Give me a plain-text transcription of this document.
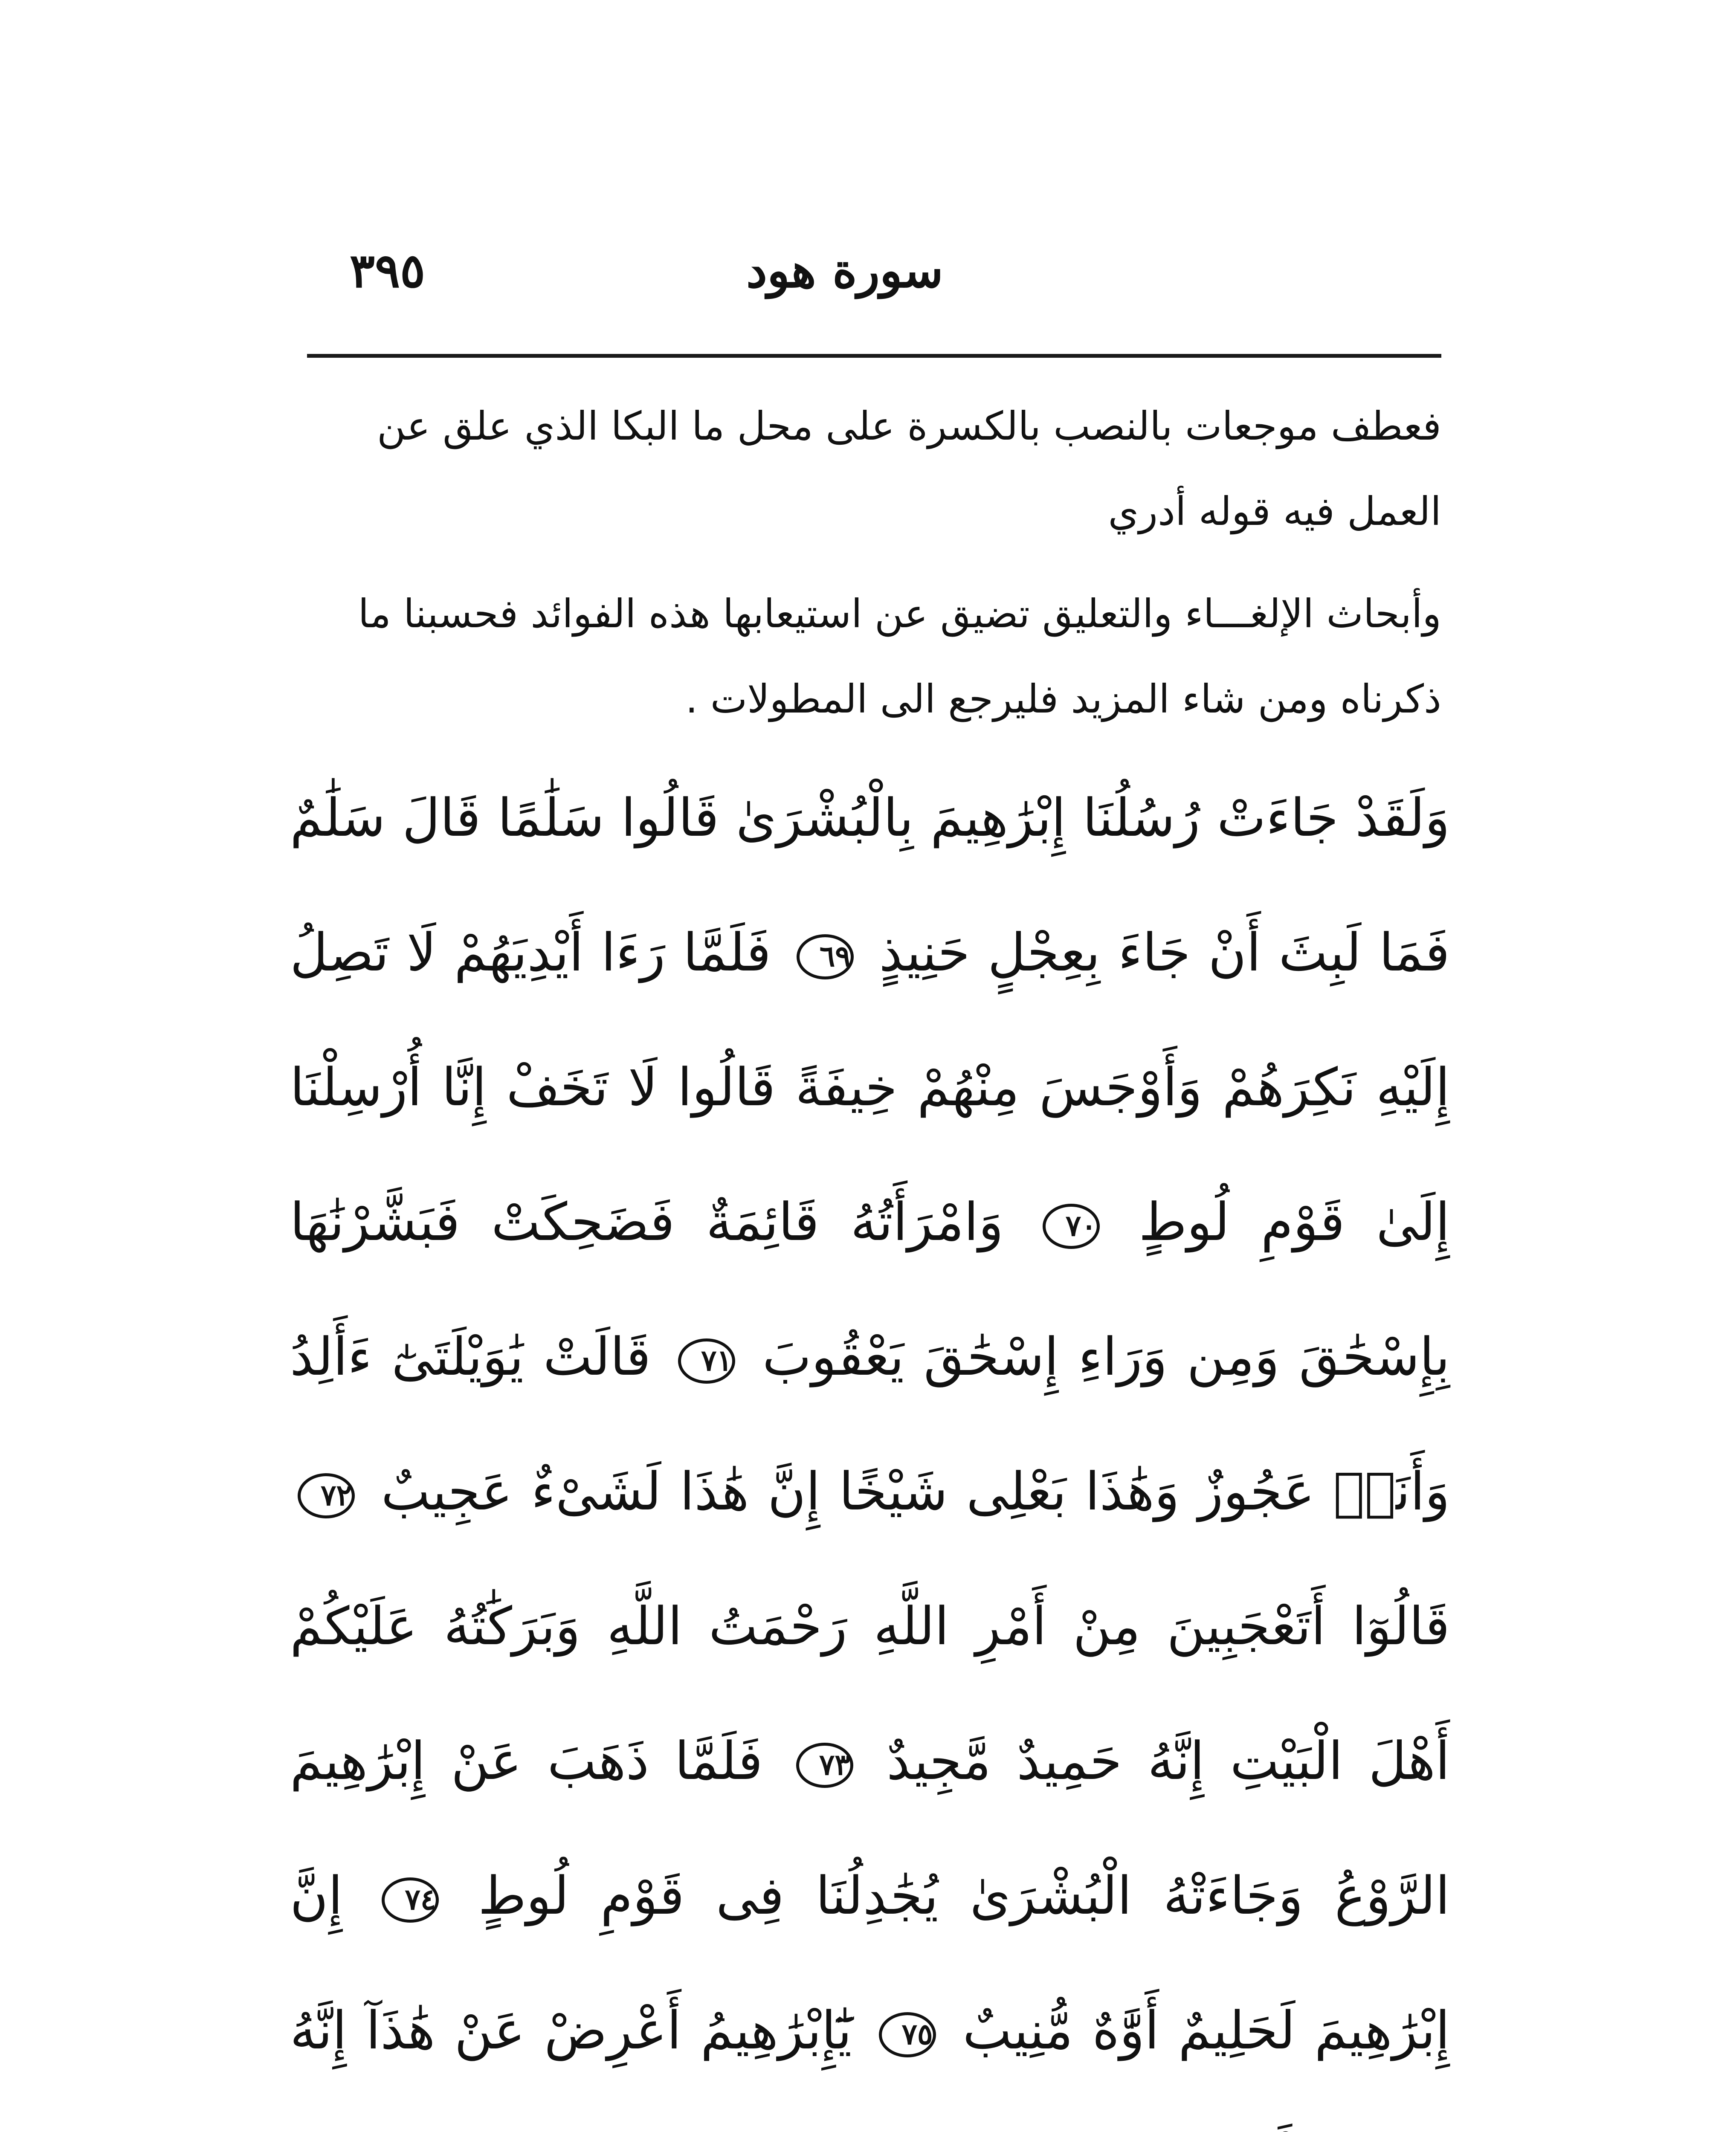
٣٩٥	سورة هود

فعطف موجعات بالنصب بالكسرة على محل ما البكا الذي علق عن العمل فيه قوله أدري

وأبحاث الإلغـــاء والتعليق تضيق عن استيعابها هذه الفوائد فحسبنا ما ذكرناه ومن شاء المزيد فليرجع الى المطولات .

وَلَقَدْ جَاءَتْ رُسُلُنَا إِبْرَٰهِيمَ بِالْبُشْرَىٰ قَالُوا سَلَٰمًا قَالَ سَلَٰمٌ فَمَا لَبِثَ أَنْ جَاءَ بِعِجْلٍ حَنِيذٍ ٦٩ فَلَمَّا رَءَا أَيْدِيَهُمْ لَا تَصِلُ إِلَيْهِ نَكِرَهُمْ وَأَوْجَسَ مِنْهُمْ خِيفَةً قَالُوا لَا تَخَفْ إِنَّا أُرْسِلْنَا إِلَىٰ قَوْمِ لُوطٍ ٧٠ وَامْرَأَتُهُ قَائِمَةٌ فَضَحِكَتْ فَبَشَّرْنَٰهَا بِإِسْحَٰقَ وَمِن وَرَاءِ إِسْحَٰقَ يَعْقُوبَ ٧١ قَالَتْ يَٰوَيْلَتَىٰٓ ءَأَلِدُ وَأَنَا۠ عَجُوزٌ وَهَٰذَا بَعْلِى شَيْخًا إِنَّ هَٰذَا لَشَىْءٌ عَجِيبٌ ٧٢ قَالُوٓا أَتَعْجَبِينَ مِنْ أَمْرِ اللَّهِ رَحْمَتُ اللَّهِ وَبَرَكَٰتُهُ عَلَيْكُمْ أَهْلَ الْبَيْتِ إِنَّهُ حَمِيدٌ مَّجِيدٌ ٧٣ فَلَمَّا ذَهَبَ عَنْ إِبْرَٰهِيمَ الرَّوْعُ وَجَاءَتْهُ الْبُشْرَىٰ يُجَٰدِلُنَا فِى قَوْمِ لُوطٍ ٧٤ إِنَّ إِبْرَٰهِيمَ لَحَلِيمٌ أَوَّٰهٌ مُّنِيبٌ ٧٥ يَٰٓإِبْرَٰهِيمُ أَعْرِضْ عَنْ هَٰذَآ إِنَّهُ
